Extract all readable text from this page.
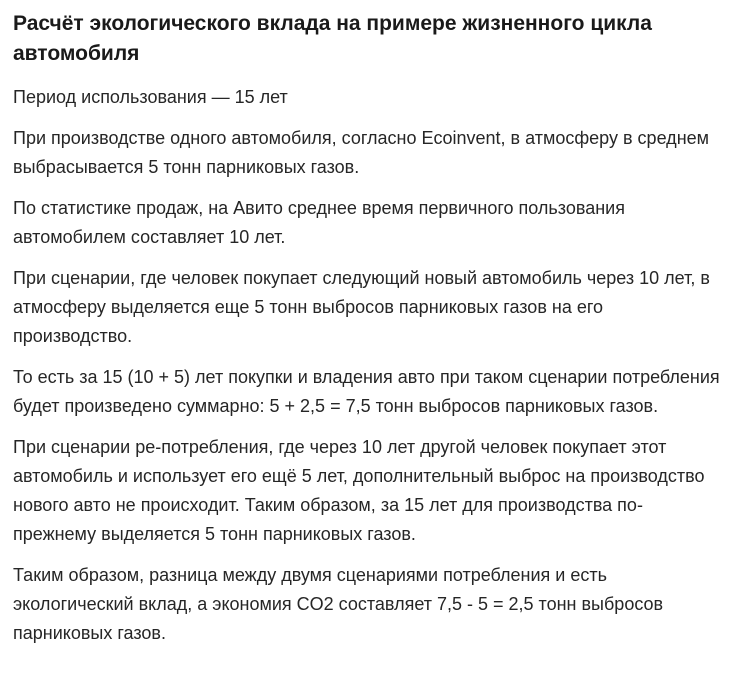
Расчёт экологического вклада на примере жизненного цикла автомобиля

Период использования — 15 лет

При производстве одного автомобиля, согласно Ecoinvent, в атмосферу в среднем выбрасывается 5 тонн парниковых газов.

По статистике продаж, на Авито среднее время первичного пользования автомобилем составляет 10 лет.

При сценарии, где человек покупает следующий новый автомобиль через 10 лет, в атмосферу выделяется еще 5 тонн выбросов парниковых газов на его производство.

То есть за 15 (10 + 5) лет покупки и владения авто при таком сценарии потребления будет произведено суммарно: 5 + 2,5 = 7,5 тонн выбросов парниковых газов.

При сценарии ре-потребления, где через 10 лет другой человек покупает этот автомобиль и использует его ещё 5 лет, дополнительный выброс на производство нового авто не происходит. Таким образом, за 15 лет для производства по-прежнему выделяется 5 тонн парниковых газов.

Таким образом, разница между двумя сценариями потребления и есть экологический вклад, а экономия CO2 составляет 7,5 - 5 = 2,5 тонн выбросов парниковых газов.
